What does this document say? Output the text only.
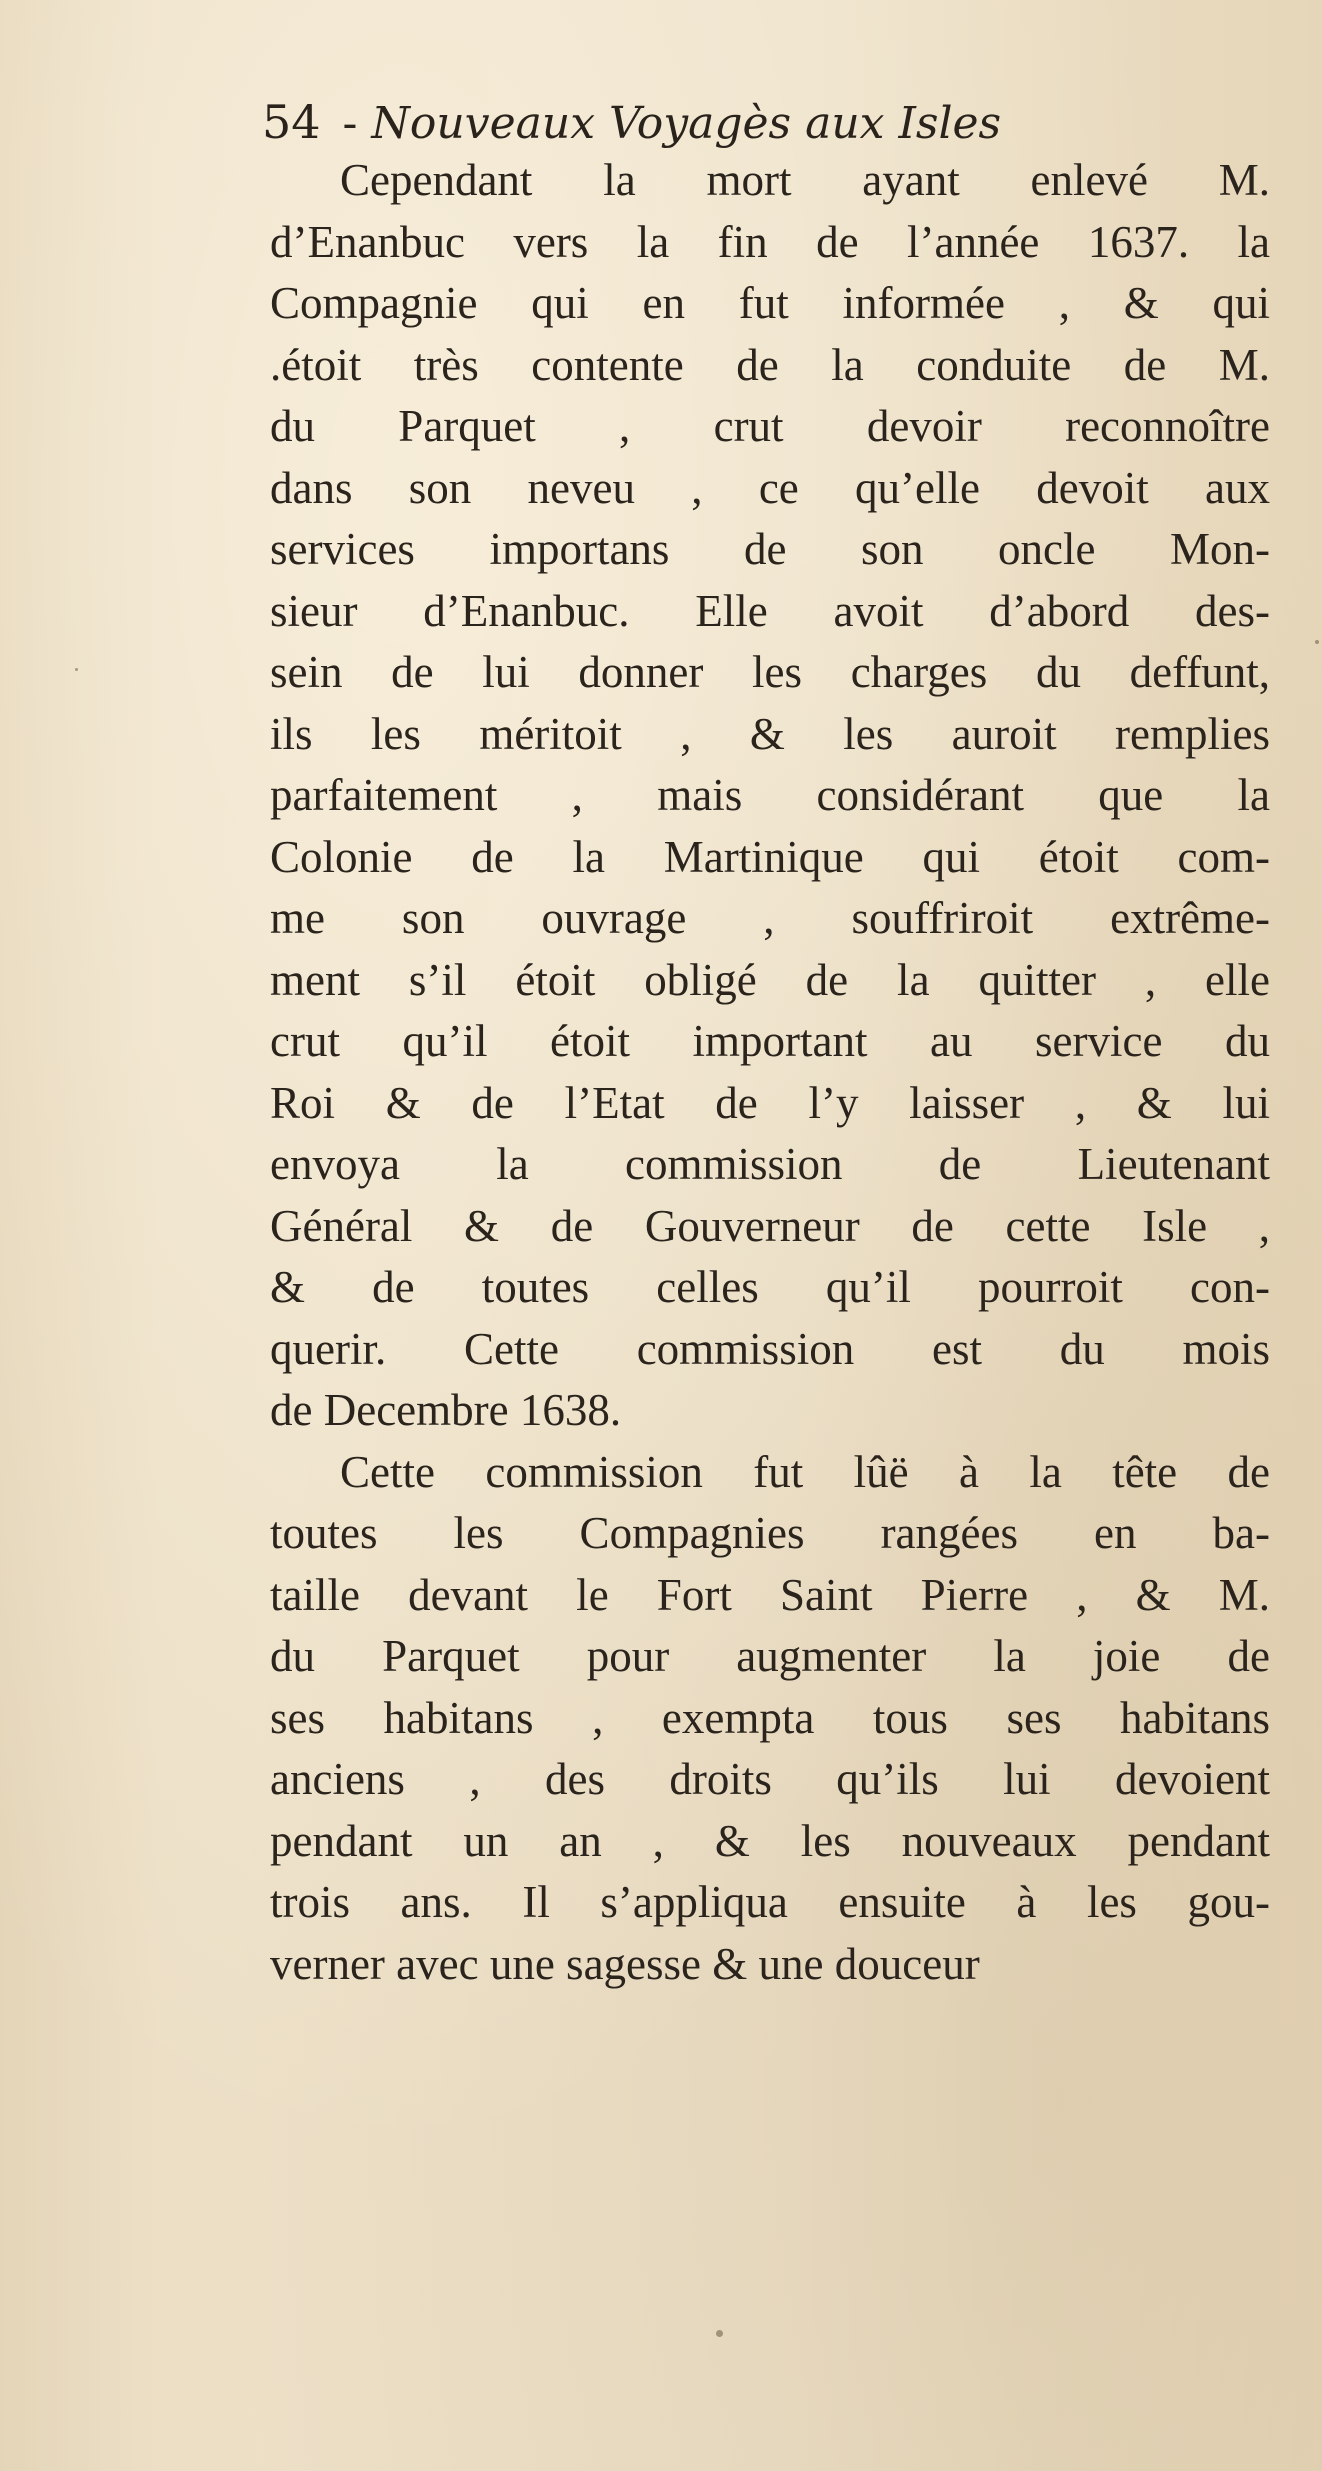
54 - Nouveaux Voyagès aux Isles
Cependant la mort ayant enlevé M.
d’Enanbuc vers la fin de l’année 1637. la
Compagnie qui en fut informée , & qui
.étoit très contente de la conduite de M.
du Parquet , crut devoir reconnoître
dans son neveu , ce qu’elle devoit aux
services importans de son oncle Mon-
sieur d’Enanbuc. Elle avoit d’abord des-
sein de lui donner les charges du deffunt,
ils les méritoit , & les auroit remplies
parfaitement , mais considérant que la
Colonie de la Martinique qui étoit com-
me son ouvrage , souffriroit extrême-
ment s’il étoit obligé de la quitter , elle
crut qu’il étoit important au service du
Roi & de l’Etat de l’y laisser , & lui
envoya la commission de Lieutenant
Général & de Gouverneur de cette Isle ,
& de toutes celles qu’il pourroit con-
querir. Cette commission est du mois
de Decembre 1638.
Cette commission fut lûë à la tête de
toutes les Compagnies rangées en ba-
taille devant le Fort Saint Pierre , & M.
du Parquet pour augmenter la joie de
ses habitans , exempta tous ses habitans
anciens , des droits qu’ils lui devoient
pendant un an , & les nouveaux pendant
trois ans. Il s’appliqua ensuite à les gou-
verner avec une sagesse & une douceur
